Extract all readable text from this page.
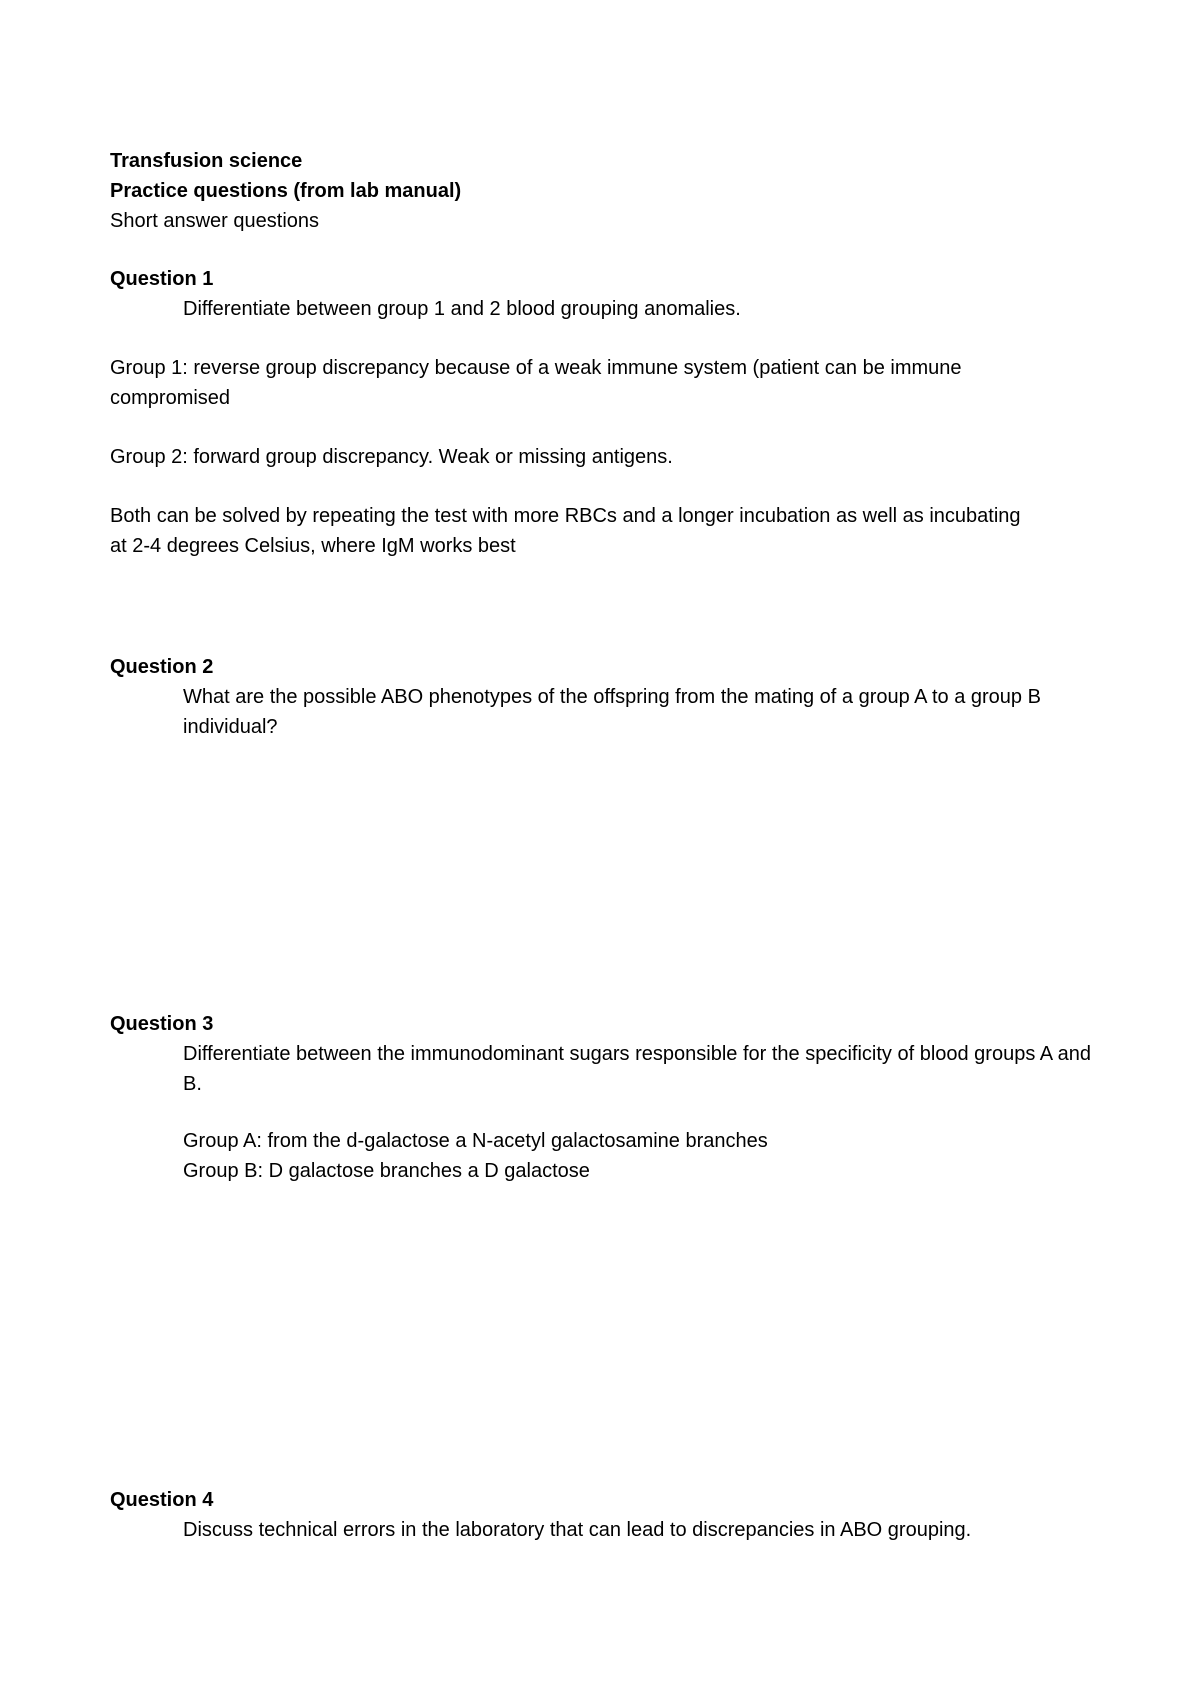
Transfusion science
Practice questions (from lab manual)
Short answer questions
Question 1
Differentiate between group 1 and 2 blood grouping anomalies.
Group 1: reverse group discrepancy because of a weak immune system (patient can be immune compromised
Group 2: forward group discrepancy. Weak or missing antigens.
Both can be solved by repeating the test with more RBCs and a longer incubation as well as incubating at 2-4 degrees Celsius, where IgM works best
Question 2
What are the possible ABO phenotypes of the offspring from the mating of a group A to a group B individual?
Question 3
Differentiate between the immunodominant sugars responsible for the specificity of blood groups A and B.
Group A: from the d-galactose a N-acetyl galactosamine branches
Group B: D galactose branches a D galactose
Question 4
Discuss technical errors in the laboratory that can lead to discrepancies in ABO grouping.
